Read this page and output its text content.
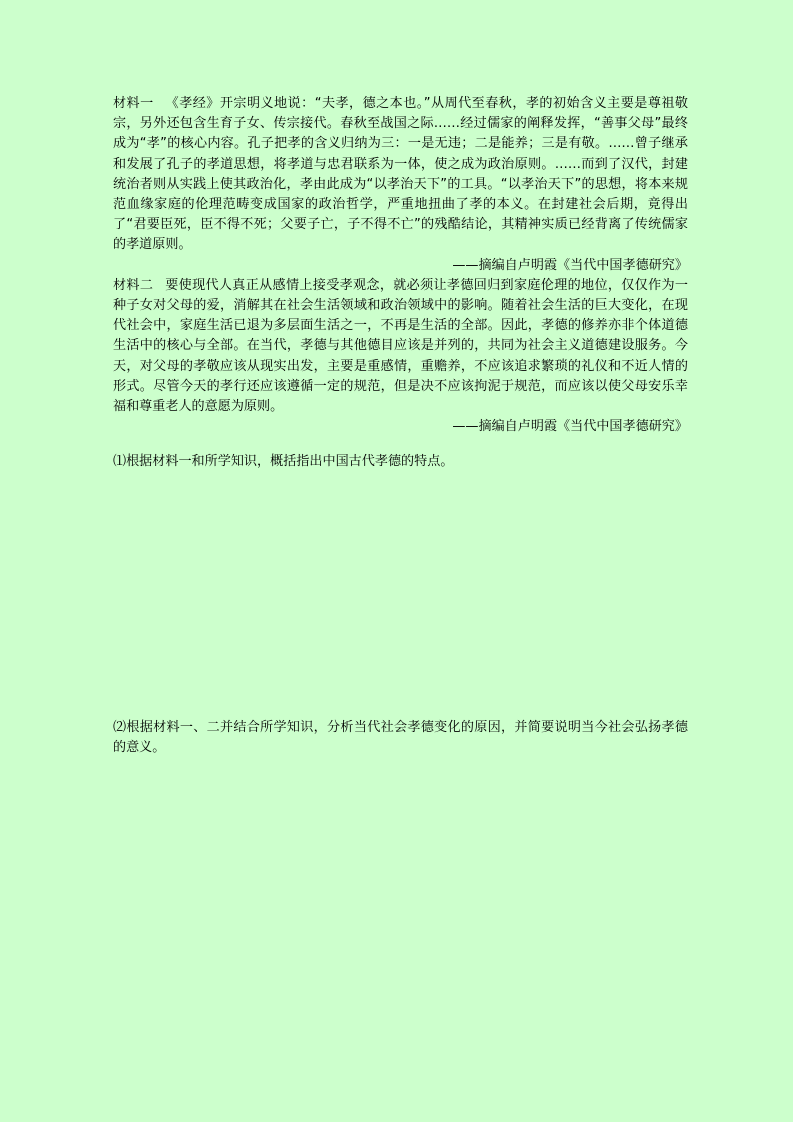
材料一 《孝经》开宗明义地说：“夫孝，德之本也。”从周代至春秋，孝的初始含义主要是尊祖敬宗，另外还包含生育子女、传宗接代。春秋至战国之际……经过儒家的阐释发挥，“善事父母”最终成为“孝”的核心内容。孔子把孝的含义归纳为三：一是无违；二是能养；三是有敬。……曾子继承和发展了孔子的孝道思想，将孝道与忠君联系为一体，使之成为政治原则。……而到了汉代，封建统治者则从实践上使其政治化，孝由此成为“以孝治天下”的工具。“以孝治天下”的思想，将本来规范血缘家庭的伦理范畴变成国家的政治哲学，严重地扭曲了孝的本义。在封建社会后期，竟得出了“君要臣死，臣不得不死；父要子亡，子不得不亡”的残酷结论，其精神实质已经背离了传统儒家的孝道原则。

——摘编自卢明霞《当代中国孝德研究》

材料二 要使现代人真正从感情上接受孝观念，就必须让孝德回归到家庭伦理的地位，仅仅作为一种子女对父母的爱，消解其在社会生活领域和政治领域中的影响。随着社会生活的巨大变化，在现代社会中，家庭生活已退为多层面生活之一，不再是生活的全部。因此，孝德的修养亦非个体道德生活中的核心与全部。在当代，孝德与其他德目应该是并列的，共同为社会主义道德建设服务。今天，对父母的孝敬应该从现实出发，主要是重感情，重赡养，不应该追求繁琐的礼仪和不近人情的形式。尽管今天的孝行还应该遵循一定的规范，但是决不应该拘泥于规范，而应该以使父母安乐幸福和尊重老人的意愿为原则。

——摘编自卢明霞《当代中国孝德研究》

⑴根据材料一和所学知识，概括指出中国古代孝德的特点。

⑵根据材料一、二并结合所学知识，分析当代社会孝德变化的原因，并简要说明当今社会弘扬孝德的意义。
